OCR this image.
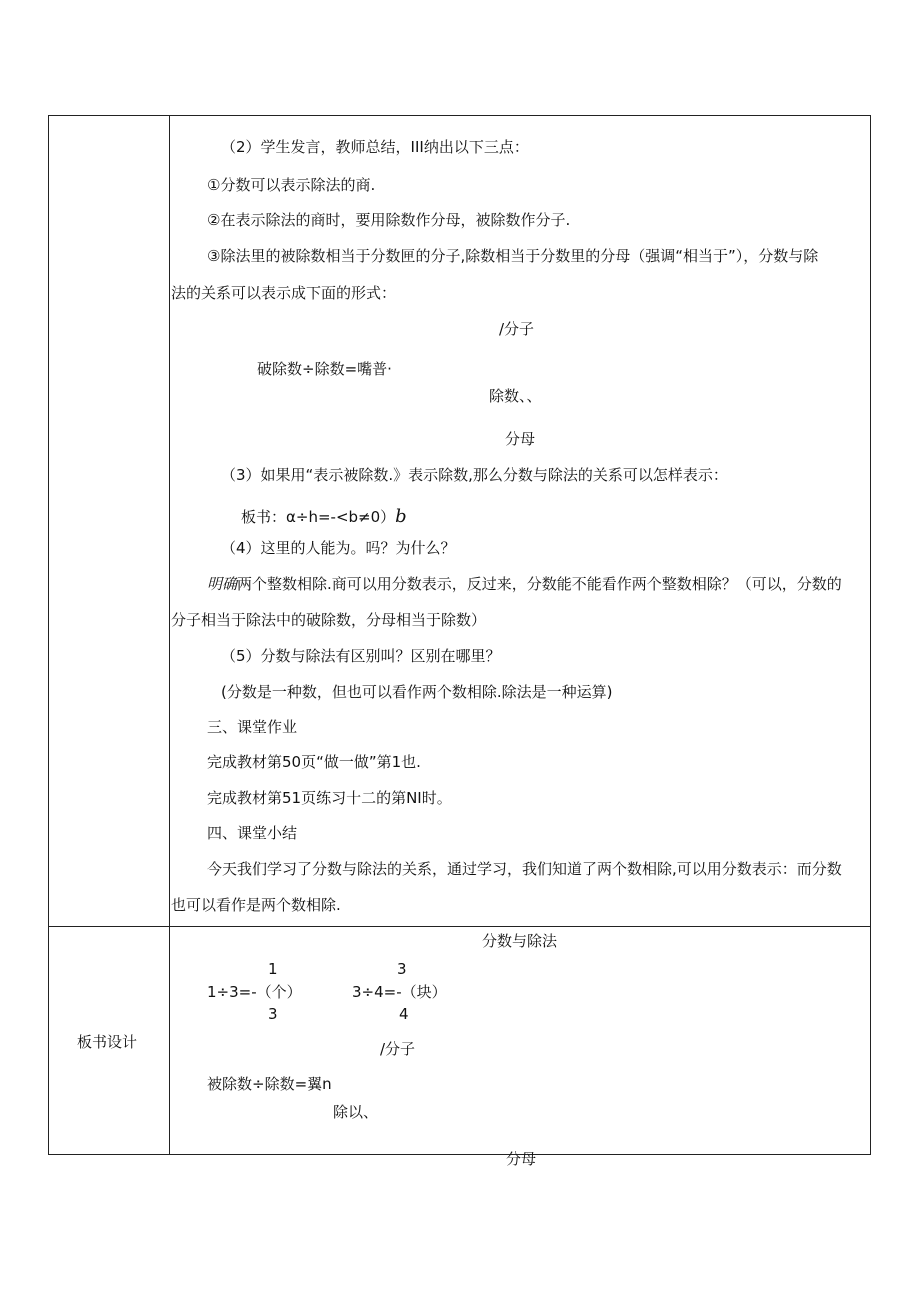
（2）学生发言，教师总结，III纳出以下三点：
①分数可以表示除法的商.
②在表示除法的商时，要用除数作分母，被除数作分子.
③除法里的被除数相当于分数匣的分子,除数相当于分数里的分母（强调“相当于”），分数与除
法的关系可以表示成下面的形式：
/分子
破除数÷除数=嘴普·
除数、、
分母
（3）如果用“表示被除数.》表示除数,那么分数与除法的关系可以怎样表示：
板书：α÷h=-<b≠0）b
（4）这里的人能为。吗？为什么？
明确两个整数相除.商可以用分数表示，反过来，分数能不能看作两个整数相除？（可以，分数的
分子相当于除法中的破除数，分母相当于除数）
（5）分数与除法有区别叫？区别在哪里？
(分数是一种数，但也可以看作两个数相除.除法是一种运算)
三、课堂作业
完成教材第50页“做一做”第1也.
完成教材第51页练习十二的第NI时。
四、课堂小结
今天我们学习了分数与除法的关系，通过学习，我们知道了两个数相除,可以用分数表示：而分数
也可以看作是两个数相除.
板书设计
分数与除法
1
1÷3=-（个）
3
3
3÷4=-（块）
4
/分子
被除数÷除数=翼n
除以、
分母
